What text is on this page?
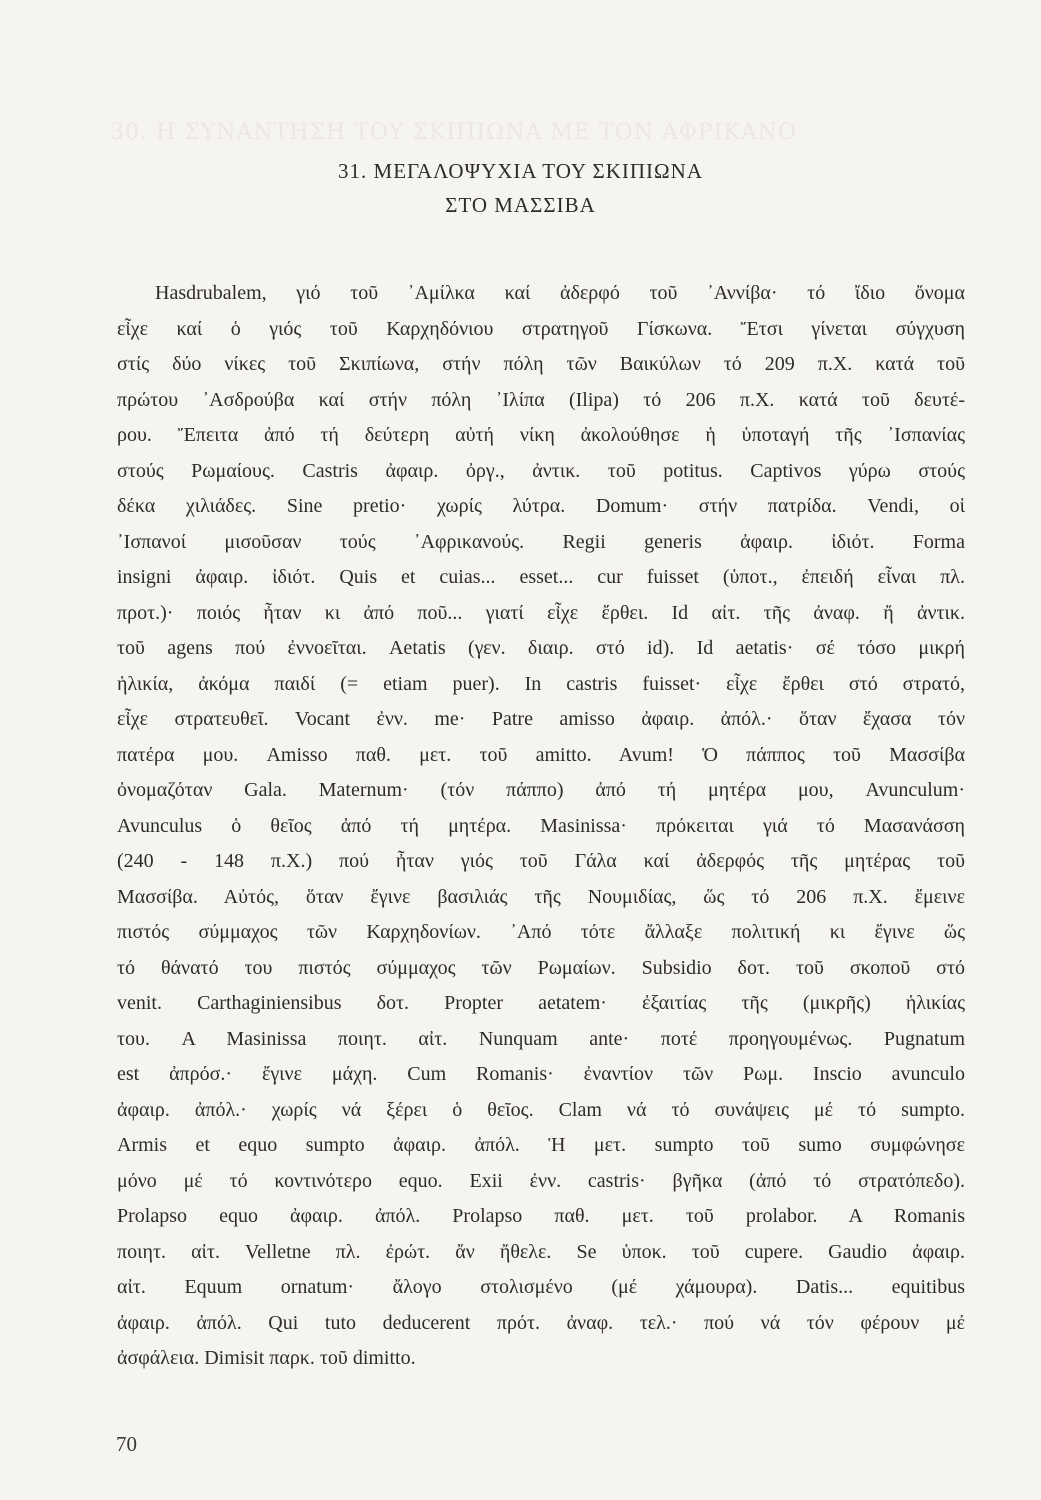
30. Η ΣΥΝΑΝΤΗΣΗ ΤΟΥ ΣΚΙΠΙΩΝΑ ΜΕ ΤΟΝ ΑΦΡΙΚΑΝΟ
31. ΜΕΓΑΛΟΨΥΧΙΑ ΤΟΥ ΣΚΙΠΙΩΝΑ
ΣΤΟ ΜΑΣΣΙΒΑ
Hasdrubalem, γιό τοῦ ᾿Αμίλκα καί ἀδερφό τοῦ ᾿Αννίβα· τό ἴδιο ὄνομα
εἶχε καί ὁ γιός τοῦ Καρχηδόνιου στρατηγοῦ Γίσκωνα. Ἔτσι γίνεται σύγχυση
στίς δύο νίκες τοῦ Σκιπίωνα, στήν πόλη τῶν Βαικύλων τό 209 π.Χ. κατά τοῦ
πρώτου ᾿Ασδρούβα καί στήν πόλη ᾿Ιλίπα (Ilipa) τό 206 π.Χ. κατά τοῦ δευτέ-
ρου. Ἔπειτα ἀπό τή δεύτερη αὐτή νίκη ἀκολούθησε ἡ ὑποταγή τῆς ᾿Ισπανίας
στούς Ρωμαίους. Castris ἀφαιρ. ὀργ., ἀντικ. τοῦ potitus. Captivos γύρω στούς
δέκα χιλιάδες. Sine pretio· χωρίς λύτρα. Domum· στήν πατρίδα. Vendi, οἱ
᾿Ισπανοί μισοῦσαν τούς ᾿Αφρικανούς. Regii generis ἀφαιρ. ἰδιότ. Forma
insigni ἀφαιρ. ἰδιότ. Quis et cuias... esset... cur fuisset (ὑποτ., ἐπειδή εἶναι πλ.
προτ.)· ποιός ἦταν κι ἀπό ποῦ... γιατί εἶχε ἔρθει. Id αἰτ. τῆς ἀναφ. ἤ ἀντικ.
τοῦ agens πού ἐννοεῖται. Aetatis (γεν. διαιρ. στό id). Id aetatis· σέ τόσο μικρή
ἡλικία, ἀκόμα παιδί (= etiam puer). In castris fuisset· εἶχε ἔρθει στό στρατό,
εἶχε στρατευθεῖ. Vocant ἐνν. me· Patre amisso ἀφαιρ. ἀπόλ.· ὅταν ἔχασα τόν
πατέρα μου. Amisso παθ. μετ. τοῦ amitto. Avum! Ὁ πάππος τοῦ Μασσίβα
ὀνομαζόταν Gala. Maternum· (τόν πάππο) ἀπό τή μητέρα μου, Avunculum·
Avunculus ὁ θεῖος ἀπό τή μητέρα. Masinissa· πρόκειται γιά τό Μασανάσση
(240 - 148 π.Χ.) πού ἦταν γιός τοῦ Γάλα καί ἀδερφός τῆς μητέρας τοῦ
Μασσίβα. Αὐτός, ὅταν ἔγινε βασιλιάς τῆς Νουμιδίας, ὥς τό 206 π.Χ. ἔμεινε
πιστός σύμμαχος τῶν Καρχηδονίων. ᾿Από τότε ἄλλαξε πολιτική κι ἔγινε ὥς
τό θάνατό του πιστός σύμμαχος τῶν Ρωμαίων. Subsidio δοτ. τοῦ σκοποῦ στό
venit. Carthaginiensibus δοτ. Propter aetatem· ἐξαιτίας τῆς (μικρῆς) ἡλικίας
του. A Masinissa ποιητ. αἰτ. Nunquam ante· ποτέ προηγουμένως. Pugnatum
est ἀπρόσ.· ἔγινε μάχη. Cum Romanis· ἐναντίον τῶν Ρωμ. Inscio avunculo
ἀφαιρ. ἀπόλ.· χωρίς νά ξέρει ὁ θεῖος. Clam νά τό συνάψεις μέ τό sumpto.
Armis et equo sumpto ἀφαιρ. ἀπόλ. Ἡ μετ. sumpto τοῦ sumo συμφώνησε
μόνο μέ τό κοντινότερο equo. Exii ἐνν. castris· βγῆκα (ἀπό τό στρατόπεδο).
Prolapso equo ἀφαιρ. ἀπόλ. Prolapso παθ. μετ. τοῦ prolabor. A Romanis
ποιητ. αἰτ. Velletne πλ. ἐρώτ. ἄν ἤθελε. Se ὑποκ. τοῦ cupere. Gaudio ἀφαιρ.
αἰτ. Equum ornatum· ἄλογο στολισμένο (μέ χάμουρα). Datis... equitibus
ἀφαιρ. ἀπόλ. Qui tuto deducerent πρότ. ἀναφ. τελ.· πού νά τόν φέρουν μέ
ἀσφάλεια. Dimisit παρκ. τοῦ dimitto.
70
